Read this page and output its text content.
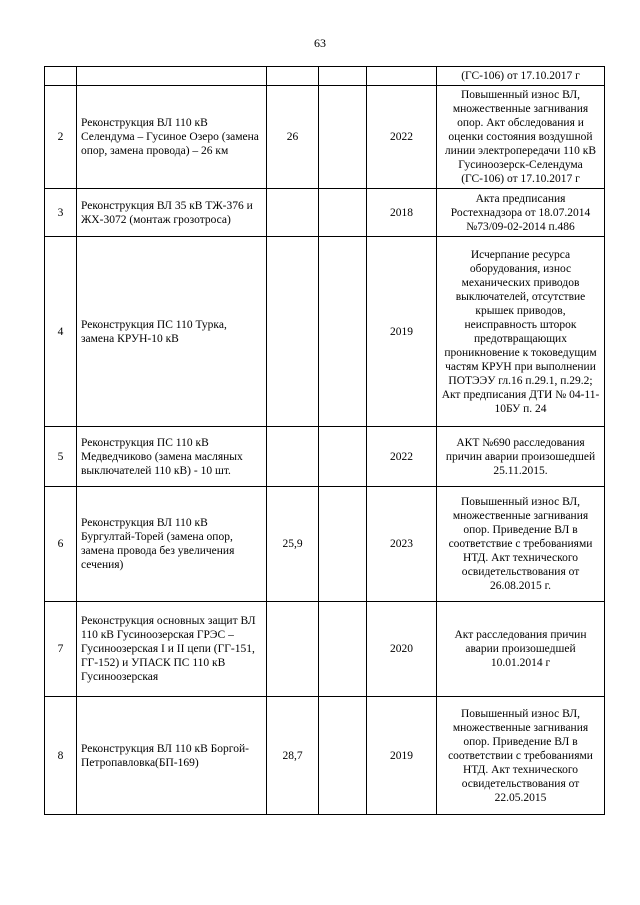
63
					(ГС-106) от 17.10.2017 г
2	Реконструкция ВЛ 110 кВ Селендума – Гусиное Озеро (замена опор, замена провода) – 26 км	26		2022	Повышенный износ ВЛ, множественные загнивания опор. Акт обследования и оценки состояния воздушной линии электропередачи 110 кВ Гусиноозерск-Селендума (ГС-106) от 17.10.2017 г
3	Реконструкция ВЛ 35 кВ ТЖ-376 и ЖХ-3072 (монтаж грозотроса)			2018	Акта предписания Ростехнадзора от 18.07.2014 №73/09-02-2014 п.486
4	Реконструкция ПС 110 Турка, замена КРУН-10 кВ			2019	Исчерпание ресурса оборудования, износ механических приводов выключателей, отсутствие крышек приводов, неисправность шторок предотвращающих проникновение к токоведущим частям КРУН при выполнении ПОТЭЭУ гл.16 п.29.1, п.29.2; Акт предписания ДТИ № 04-11-10БУ п. 24
5	Реконструкция ПС 110 кВ Медведчиково (замена масляных выключателей 110 кВ) - 10 шт.			2022	АКТ №690 расследования причин аварии произошедшей 25.11.2015.
6	Реконструкция ВЛ 110 кВ Бургултай-Торей (замена опор, замена провода без увеличения сечения)	25,9		2023	Повышенный износ ВЛ, множественные загнивания опор. Приведение ВЛ в соответствие с требованиями НТД. Акт технического освидетельствования от 26.08.2015 г.
7	Реконструкция основных защит ВЛ 110 кВ Гусиноозерская ГРЭС – Гусиноозерская I и II цепи (ГГ-151, ГГ-152) и УПАСК ПС 110 кВ Гусиноозерская			2020	Акт расследования причин аварии произошедшей 10.01.2014 г
8	Реконструкция ВЛ 110 кВ Боргой-Петропавловка(БП-169)	28,7		2019	Повышенный износ ВЛ, множественные загнивания опор. Приведение ВЛ в соответствии с требованиями НТД. Акт технического освидетельствования от 22.05.2015
